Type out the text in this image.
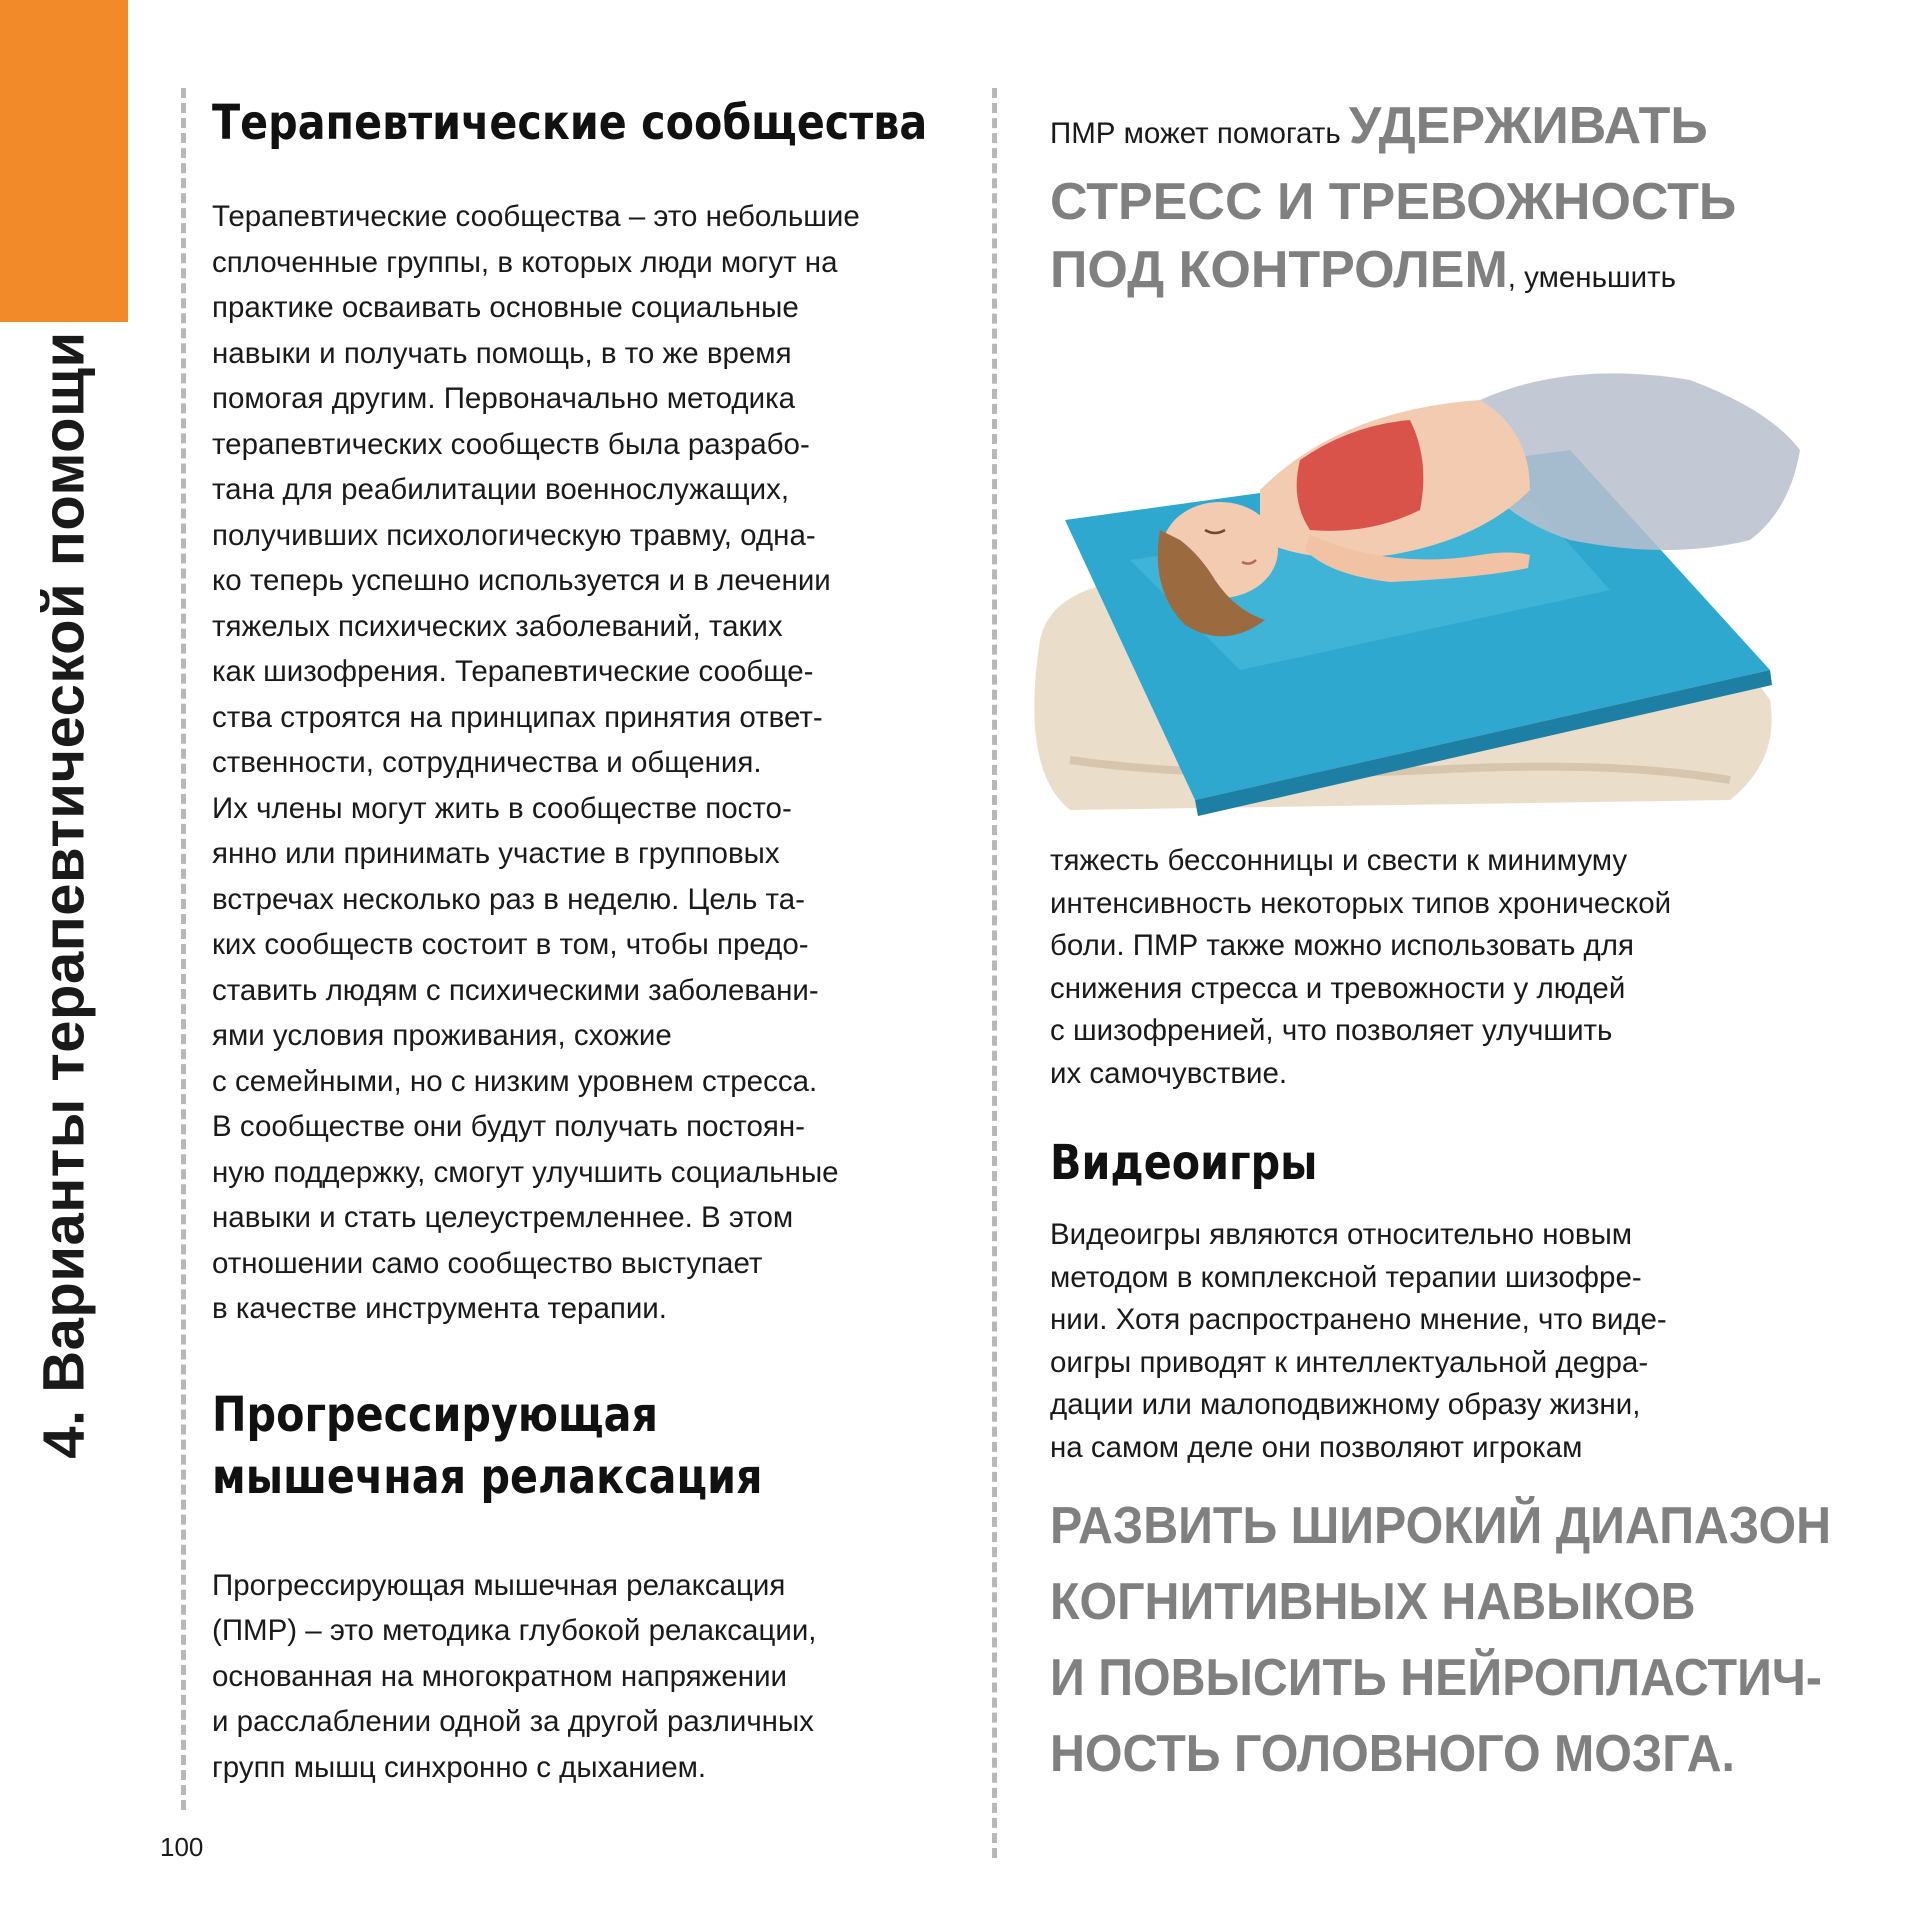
4. Варианты терапевтической помощи
Терапевтические сообщества
Терапевтические сообщества – это небольшие
сплоченные группы, в которых люди могут на
практике осваивать основные социальные
навыки и получать помощь, в то же время
помогая другим. Первоначально методика
терапевтических сообществ была разрабо-
тана для реабилитации военнослужащих,
получивших психологическую травму, одна-
ко теперь успешно используется и в лечении
тяжелых психических заболеваний, таких
как шизофрения. Терапевтические сообще-
ства строятся на принципах принятия ответ-
ственности, сотрудничества и общения.
Их члены могут жить в сообществе посто-
янно или принимать участие в групповых
встречах несколько раз в неделю. Цель та-
ких сообществ состоит в том, чтобы предо-
ставить людям с психическими заболевани-
ями условия проживания, схожие
с семейными, но с низким уровнем стресса.
В сообществе они будут получать постоян-
ную поддержку, смогут улучшить социальные
навыки и стать целеустремленнее. В этом
отношении само сообщество выступает
в качестве инструмента терапии.
Прогрессирующая
мышечная релаксация
Прогрессирующая мышечная релаксация
(ПМР) – это методика глубокой релаксации,
основанная на многократном напряжении
и расслаблении одной за другой различных
групп мышц синхронно с дыханием.
ПМР может помогать УДЕРЖИВАТЬ
СТРЕСС И ТРЕВОЖНОСТЬ
ПОД КОНТРОЛЕМ, уменьшить
тяжесть бессонницы и свести к минимуму
интенсивность некоторых типов хронической
боли. ПМР также можно использовать для
снижения стресса и тревожности у людей
с шизофренией, что позволяет улучшить
их самочувствие.
Видеоигры
Видеоигры являются относительно новым
методом в комплексной терапии шизофре-
нии. Хотя распространено мнение, что виде-
оигры приводят к интеллектуальной деgра-
дации или малоподвижному образу жизни,
на самом деле они позволяют игрокам
РАЗВИТЬ ШИРОКИЙ ДИАПАЗОН
КОГНИТИВНЫХ НАВЫКОВ
И ПОВЫСИТЬ НЕЙРОПЛАСТИЧ-
НОСТЬ ГОЛОВНОГО МОЗГА.
100
